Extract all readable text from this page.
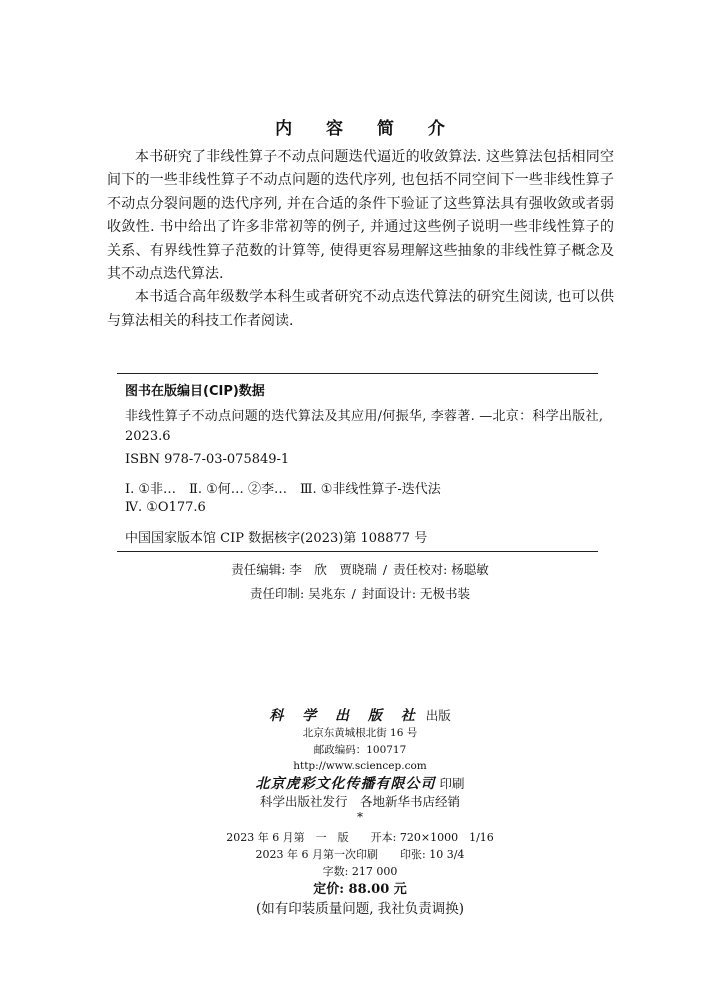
内 容 简 介

本书研究了非线性算子不动点问题迭代逼近的收敛算法. 这些算法包括相同空间下的一些非线性算子不动点问题的迭代序列, 也包括不同空间下一些非线性算子不动点分裂问题的迭代序列, 并在合适的条件下验证了这些算法具有强收敛或者弱收敛性. 书中给出了许多非常初等的例子, 并通过这些例子说明一些非线性算子的关系、有界线性算子范数的计算等, 使得更容易理解这些抽象的非线性算子概念及其不动点迭代算法.

本书适合高年级数学本科生或者研究不动点迭代算法的研究生阅读, 也可以供与算法相关的科技工作者阅读.

图书在版编目(CIP)数据
非线性算子不动点问题的迭代算法及其应用/何振华, 李蓉著. —北京：科学出版社, 2023.6
ISBN 978-7-03-075849-1
Ⅰ. ①非…　Ⅱ. ①何… ②李…　Ⅲ. ①非线性算子-迭代法
Ⅳ. ①O177.6
中国国家版本馆 CIP 数据核字(2023)第 108877 号
责任编辑: 李　欣　贾晓瑞 / 责任校对: 杨聪敏
责任印制: 吴兆东 / 封面设计: 无极书装
科 学 出 版 社 出版
北京东黄城根北街 16 号
邮政编码：100717
http://www.sciencep.com
北京虎彩文化传播有限公司 印刷
科学出版社发行　各地新华书店经销
*
2023 年 6 月第　一　版　　开本: 720×1000　1/16
2023 年 6 月第一次印刷　　印张: 10 3/4
字数: 217 000
定价: 88.00 元
(如有印装质量问题, 我社负责调换)
